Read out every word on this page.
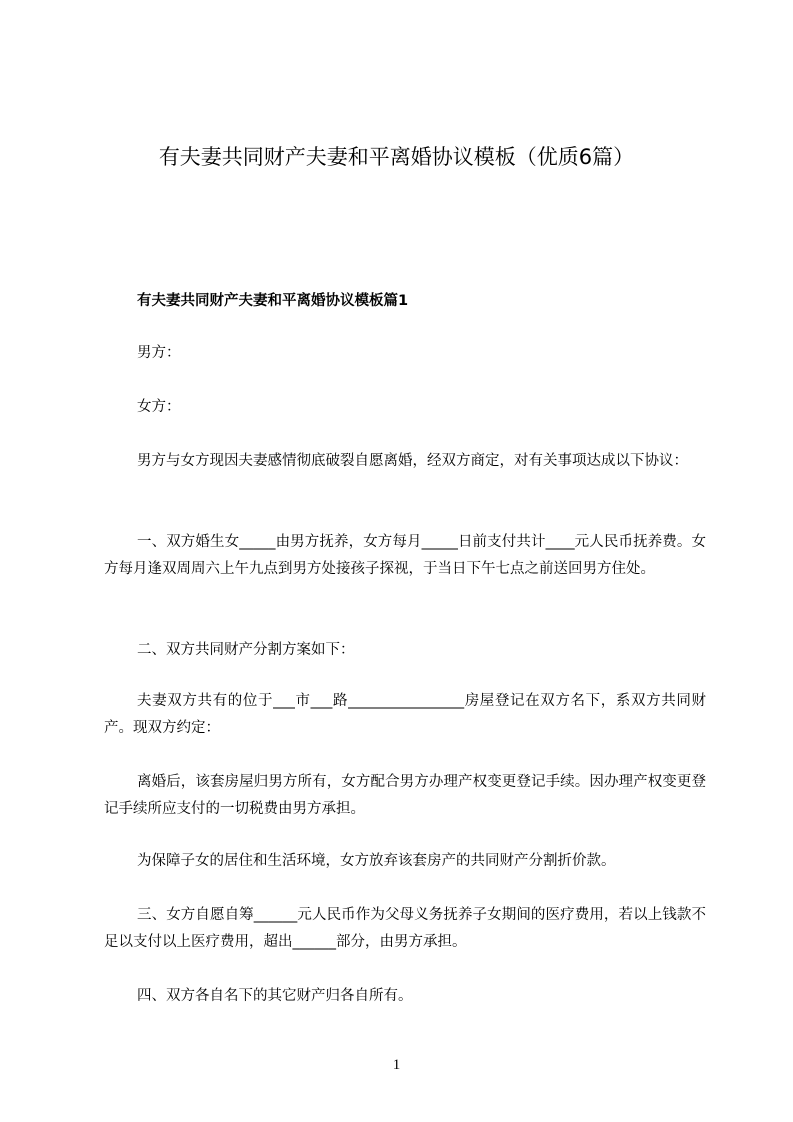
有夫妻共同财产夫妻和平离婚协议模板（优质6篇）
有夫妻共同财产夫妻和平离婚协议模板篇1

男方：

女方：

男方与女方现因夫妻感情彻底破裂自愿离婚，经双方商定，对有关事项达成以下协议：

一、双方婚生女_____由男方抚养，女方每月_____日前支付共计____元人民币抚养费。女方每月逢双周周六上午九点到男方处接孩子探视，于当日下午七点之前送回男方住处。

二、双方共同财产分割方案如下：

夫妻双方共有的位于___市___路________________房屋登记在双方名下，系双方共同财产。现双方约定：

离婚后，该套房屋归男方所有，女方配合男方办理产权变更登记手续。因办理产权变更登记手续所应支付的一切税费由男方承担。

为保障子女的居住和生活环境，女方放弃该套房产的共同财产分割折价款。

三、女方自愿自筹______元人民币作为父母义务抚养子女期间的医疗费用，若以上钱款不足以支付以上医疗费用，超出______部分，由男方承担。

四、双方各自名下的其它财产归各自所有。

1
